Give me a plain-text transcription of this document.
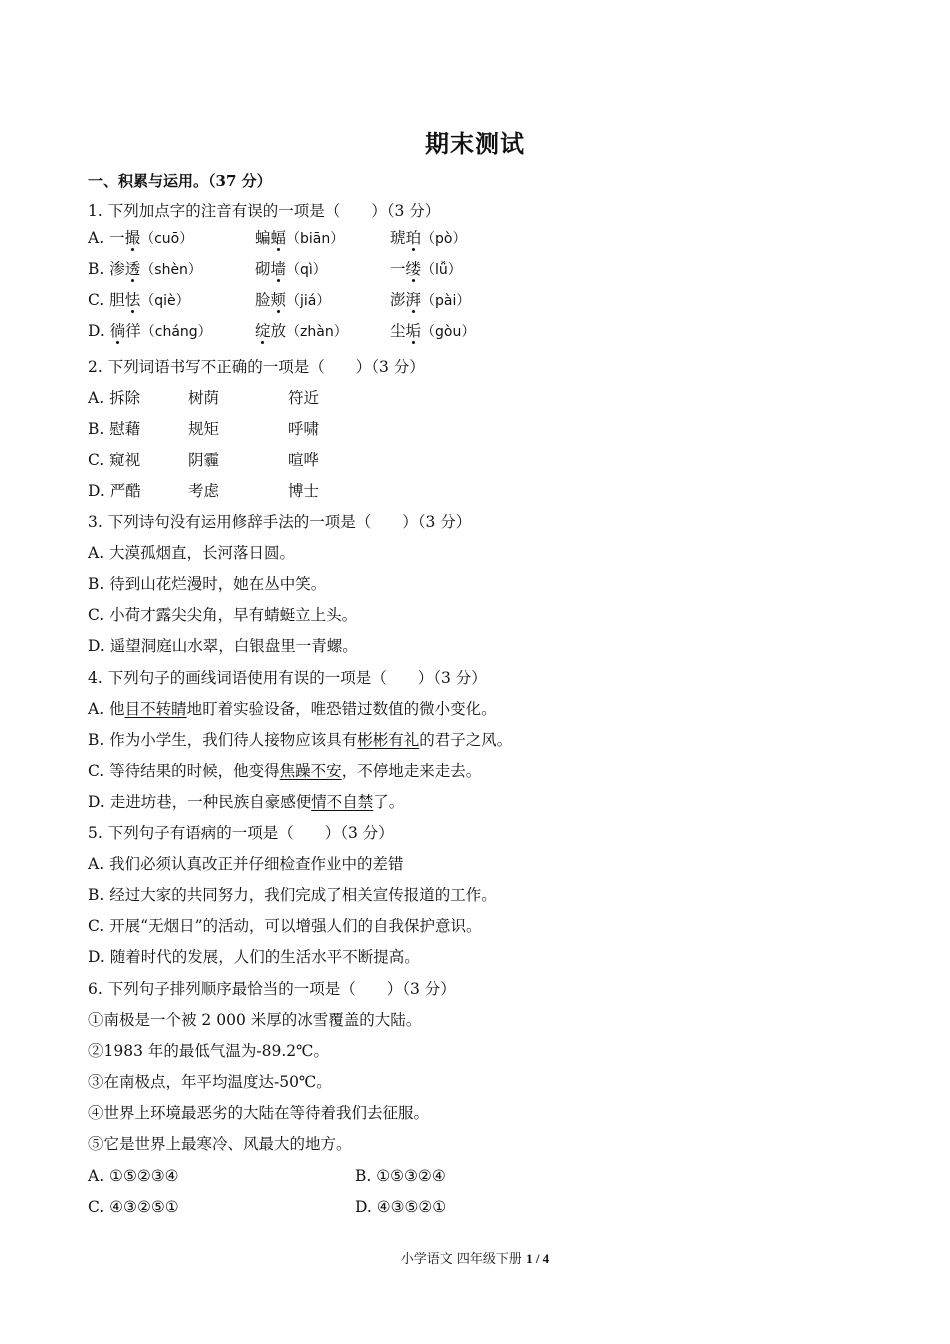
期末测试
一、积累与运用。（37 分）
1. 下列加点字的注音有误的一项是（　　）（3 分）
A. 一撮（cuō）	蝙蝠（biān）	琥珀（pò）
B. 渗透（shèn）	砌墙（qì）	一缕（lǚ）
C. 胆怯（qiè）	脸颊（jiá）	澎湃（pài）
D. 徜徉（cháng）	绽放（zhàn）	尘垢（gòu）
2. 下列词语书写不正确的一项是（　　）（3 分）
A. 拆除	树荫	符近
B. 慰藉	规矩	呼啸
C. 窥视	阴霾	喧哗
D. 严酷	考虑	博士
3. 下列诗句没有运用修辞手法的一项是（　　）（3 分）
A. 大漠孤烟直，长河落日圆。
B. 待到山花烂漫时，她在丛中笑。
C. 小荷才露尖尖角，早有蜻蜓立上头。
D. 遥望洞庭山水翠，白银盘里一青螺。
4. 下列句子的画线词语使用有误的一项是（　　）（3 分）
A. 他目不转睛地盯着实验设备，唯恐错过数值的微小变化。
B. 作为小学生，我们待人接物应该具有彬彬有礼的君子之风。
C. 等待结果的时候，他变得焦躁不安，不停地走来走去。
D. 走进坊巷，一种民族自豪感便情不自禁了。
5. 下列句子有语病的一项是（　　）（3 分）
A. 我们必须认真改正并仔细检查作业中的差错
B. 经过大家的共同努力，我们完成了相关宣传报道的工作。
C. 开展“无烟日”的活动，可以增强人们的自我保护意识。
D. 随着时代的发展，人们的生活水平不断提高。
6. 下列句子排列顺序最恰当的一项是（　　）（3 分）
①南极是一个被 2 000 米厚的冰雪覆盖的大陆。
②1983 年的最低气温为-89.2℃。
③在南极点，年平均温度达-50℃。
④世界上环境最恶劣的大陆在等待着我们去征服。
⑤它是世界上最寒冷、风最大的地方。
A. ①⑤②③④	B. ①⑤③②④
C. ④③②⑤①	D. ④③⑤②①
小学语文 四年级下册 1 / 4
